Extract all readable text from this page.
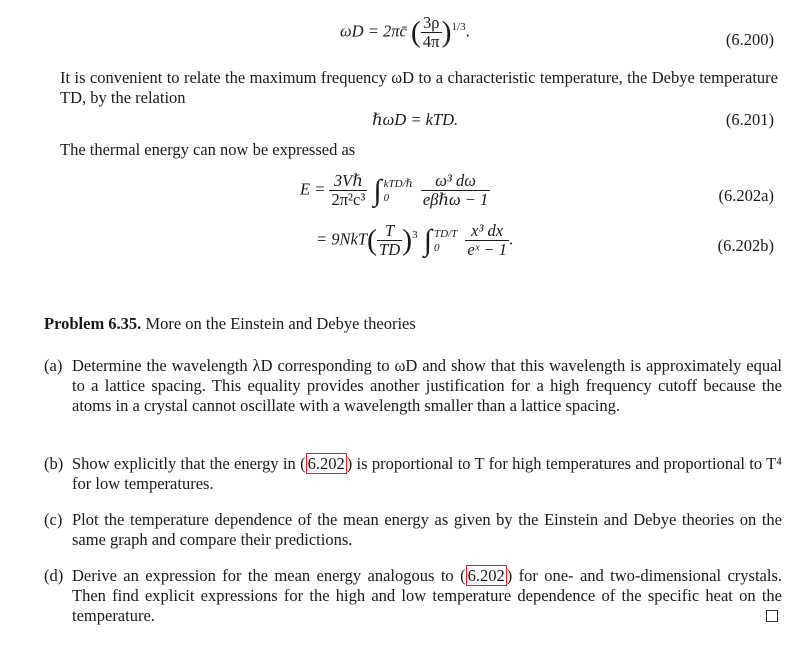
ωD = 2πc̄ ( $\frac{3\rho}{4\pi} )^{1/3}$.	(6.200)
It is convenient to relate the maximum frequency ωD to a characteristic temperature, the Debye temperature TD, by the relation
ℏωD = kTD.	(6.201)
The thermal energy can now be expressed as
$E = \frac{\text{3Vℏ}}{\text{2π²c³}}$ ∫ kTD/ℏ
0
	$\frac{\text{ω³ dω}}{\text{eβℏω − 1}}$	(6.202a)
= $9NkT( \frac{T}{TD} )^3$ ∫ TD/T
0
	$\frac{\text{x³ dx}}{\text{eˣ − 1}}$ .	(6.202b)
Problem 6.35. More on the Einstein and Debye theories
(a) Determine the wavelength λD corresponding to ωD and show that this wavelength is approximately equal to a lattice spacing. This equality provides another justification for a high frequency cutoff because the atoms in a crystal cannot oscillate with a wavelength smaller than a lattice spacing.
(b) Show explicitly that the energy in ( 6.202 ) is proportional to T for high temperatures and proportional to T⁴ for low temperatures.
(c) Plot the temperature dependence of the mean energy as given by the Einstein and Debye theories on the same graph and compare their predictions.
(d) Derive an expression for the mean energy analogous to ( 6.202 ) for one- and two-dimensional crystals. Then find explicit expressions for the high and low temperature dependence of the specific heat on the temperature.
